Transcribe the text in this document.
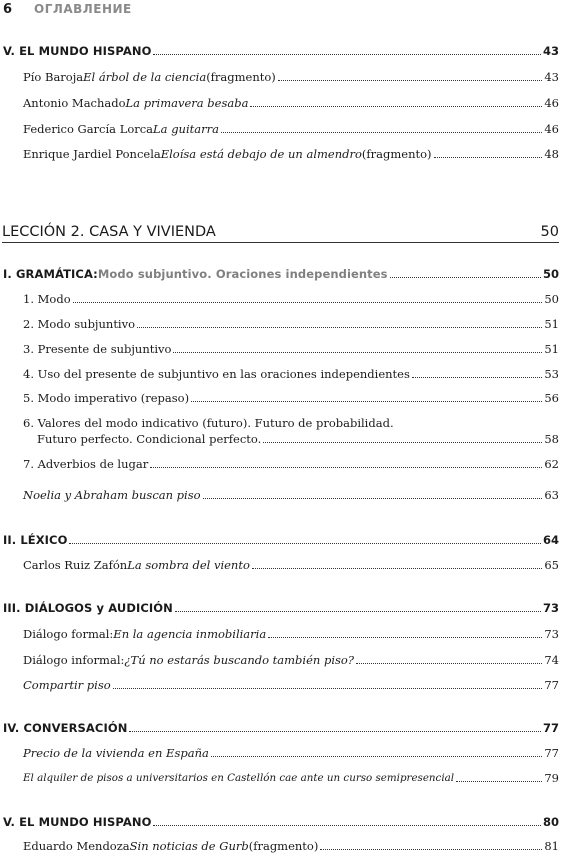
6 ОГЛАВЛЕНИЕ
V. EL MUNDO HISPANO	43
Pío Baroja El árbol de la ciencia (fragmento)	43
Antonio Machado La primavera besaba	46
Federico García Lorca La guitarra	46
Enrique Jardiel Poncela Eloísa está debajo de un almendro (fragmento)	48
LECCIÓN 2. CASA Y VIVIENDA	50
I. GRAMÁTICA: Modo subjuntivo. Oraciones independientes	50
1. Modo	50
2. Modo subjuntivo	51
3. Presente de subjuntivo	51
4. Uso del presente de subjuntivo en las oraciones independientes	53
5. Modo imperativo (repaso)	56
6. Valores del modo indicativo (futuro). Futuro de probabilidad.
Futuro perfecto. Condicional perfecto.	58
7. Adverbios de lugar	62
Noelia y Abraham buscan piso	63
II. LÉXICO	64
Carlos Ruiz Zafón La sombra del viento	65
III. DIÁLOGOS y AUDICIÓN	73
Diálogo formal: En la agencia inmobiliaria	73
Diálogo informal: ¿Tú no estarás buscando también piso?	74
Compartir piso	77
IV. CONVERSACIÓN	77
Precio de la vivienda en España	77
El alquiler de pisos a universitarios en Castellón cae ante un curso semipresencial	79
V. EL MUNDO HISPANO	80
Eduardo Mendoza Sin noticias de Gurb (fragmento)	81
